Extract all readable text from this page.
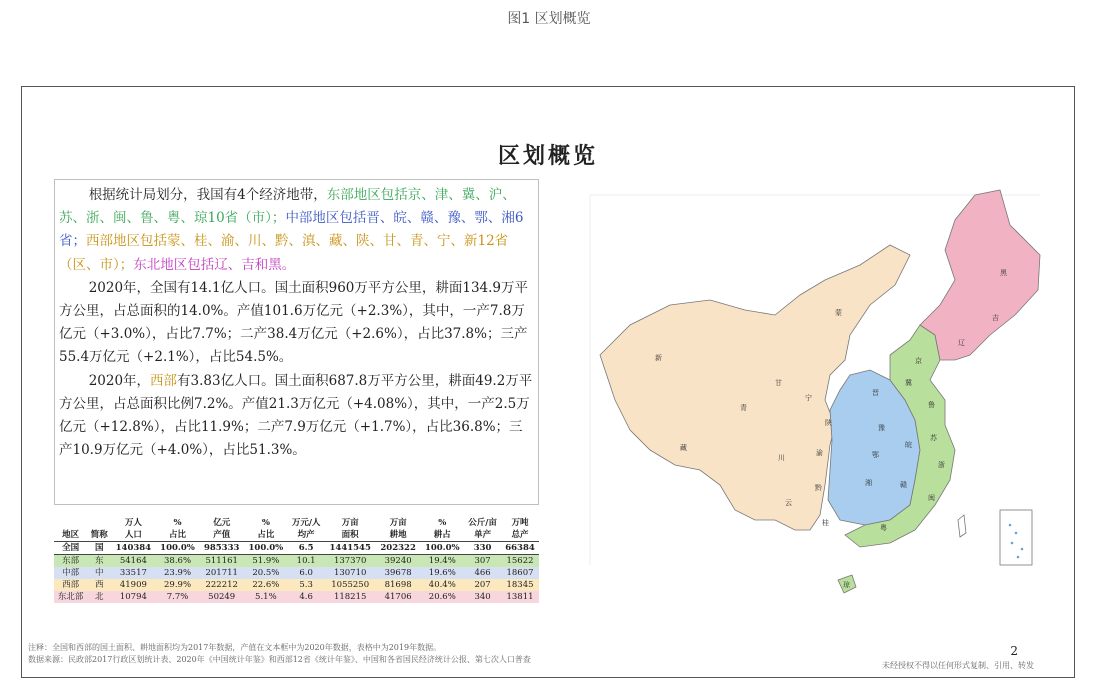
图1 区划概览
区划概览

根据统计局划分，我国有4个经济地带，东部地区包括京、津、冀、沪、苏、浙、闽、鲁、粤、琼10省（市）；中部地区包括晋、皖、赣、豫、鄂、湘6省；西部地区包括蒙、桂、渝、川、黔、滇、藏、陕、甘、青、宁、新12省（区、市）；东北地区包括辽、吉和黑。

2020年，全国有14.1亿人口。国土面积960万平方公里，耕面134.9万平方公里，占总面积的14.0%。产值101.6万亿元（+2.3%），其中，一产7.8万亿元（+3.0%），占比7.7%；二产38.4万亿元（+2.6%），占比37.8%；三产55.4万亿元（+2.1%），占比54.5%。

2020年，西部有3.83亿人口。国土面积687.8万平方公里，耕面49.2万平方公里，占总面积比例7.2%。产值21.3万亿元（+4.08%），其中，一产2.5万亿元（+12.8%），占比11.9%；二产7.9万亿元（+1.7%），占比36.8%；三产10.9万亿元（+4.0%），占比51.3%。

		万人	%	亿元	%	万元/人	万亩	万亩	%	公斤/亩	万吨
地区	简称	人口	占比	产值	占比	均产	面积	耕地	耕占	单产	总产
全国	国	140384	100.0%	985333	100.0%	6.5	1441545	202322	100.0%	330	66384
东部	东	54164	38.6%	511161	51.9%	10.1	137370	39240	19.4%	307	15622
中部	中	33517	23.9%	201711	20.5%	6.0	130710	39678	19.6%	466	18607
西部	西	41909	29.9%	222212	22.6%	5.3	1055250	81698	40.4%	207	18345
东北部	北	10794	7.7%	50249	5.1%	4.6	118215	41706	20.6%	340	13811
新
藏
青
甘
蒙
宁
陕
川
渝
云
黔
桂
黑
吉
辽
京
冀
晋
鲁
豫
苏
皖
鄂
浙
湘	赣
闽
粤
琼
注释：全国和西部的国土面积、耕地面积均为2017年数据，产值在文本框中为2020年数据，表格中为2019年数据。
数据来源：民政部2017行政区划统计表、2020年《中国统计年鉴》和西部12省《统计年鉴》、中国和各省国民经济统计公报、第七次人口普查
2
未经授权不得以任何形式复制、引用、转发
